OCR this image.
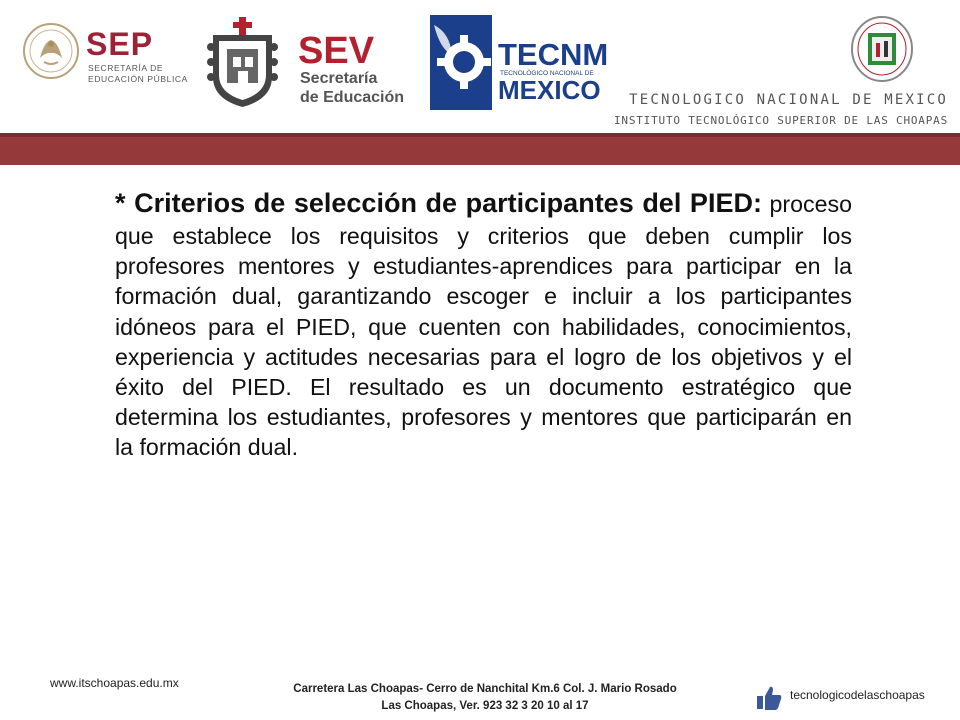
SEP
SECRETARÍA DE
EDUCACIÓN PÚBLICA
SEV
Secretaría
de Educación
TECNM
TECNOLÓGICO NACIONAL DE
MEXICO TECNOLOGICO NACIONAL DE MEXICO
INSTITUTO TECNOLÓGICO SUPERIOR DE LAS CHOAPAS

* Criterios de selección de participantes del PIED: proceso que establece los requisitos y criterios que deben cumplir los profesores mentores y estudiantes-aprendices para participar en la formación dual, garantizando escoger e incluir a los participantes idóneos para el PIED, que cuenten con habilidades, conocimientos, experiencia y actitudes necesarias para el logro de los objetivos y el éxito del PIED. El resultado es un documento estratégico que determina los estudiantes, profesores y mentores que participarán en la formación dual.

www.itschoapas.edu.mx	Carretera Las Choapas- Cerro de Nanchital Km.6 Col. J. Mario Rosado
Las Choapas, Ver. 923 32 3 20 10 al 17
tecnologicodelaschoapas
